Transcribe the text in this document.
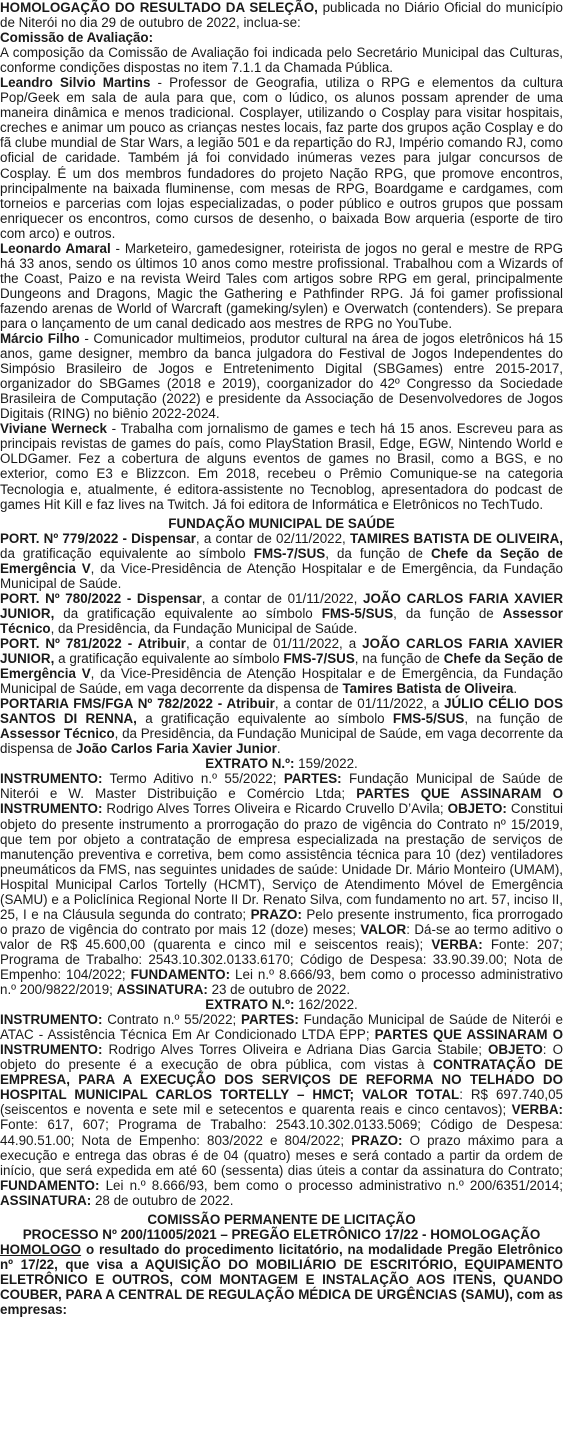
HOMOLOGAÇÃO DO RESULTADO DA SELEÇÃO, publicada no Diário Oficial do município de Niterói no dia 29 de outubro de 2022, inclua-se:

Comissão de Avaliação:

A composição da Comissão de Avaliação foi indicada pelo Secretário Municipal das Culturas, conforme condições dispostas no item 7.1.1 da Chamada Pública.

Leandro Silvio Martins - Professor de Geografia, utiliza o RPG e elementos da cultura Pop/Geek em sala de aula para que, com o lúdico, os alunos possam aprender de uma maneira dinâmica e menos tradicional. Cosplayer, utilizando o Cosplay para visitar hospitais, creches e animar um pouco as crianças nestes locais, faz parte dos grupos ação Cosplay e do fã clube mundial de Star Wars, a legião 501 e da repartição do RJ, Império comando RJ, como oficial de caridade. Também já foi convidado inúmeras vezes para julgar concursos de Cosplay. É um dos membros fundadores do projeto Nação RPG, que promove encontros, principalmente na baixada fluminense, com mesas de RPG, Boardgame e cardgames, com torneios e parcerias com lojas especializadas, o poder público e outros grupos que possam enriquecer os encontros, como cursos de desenho, o baixada Bow arqueria (esporte de tiro com arco) e outros.

Leonardo Amaral - Marketeiro, gamedesigner, roteirista de jogos no geral e mestre de RPG há 33 anos, sendo os últimos 10 anos como mestre profissional. Trabalhou com a Wizards of the Coast, Paizo e na revista Weird Tales com artigos sobre RPG em geral, principalmente Dungeons and Dragons, Magic the Gathering e Pathfinder RPG. Já foi gamer profissional fazendo arenas de World of Warcraft (gameking/sylen) e Overwatch (contenders). Se prepara para o lançamento de um canal dedicado aos mestres de RPG no YouTube.

Márcio Filho - Comunicador multimeios, produtor cultural na área de jogos eletrônicos há 15 anos, game designer, membro da banca julgadora do Festival de Jogos Independentes do Simpósio Brasileiro de Jogos e Entretenimento Digital (SBGames) entre 2015-2017, organizador do SBGames (2018 e 2019), coorganizador do 42º Congresso da Sociedade Brasileira de Computação (2022) e presidente da Associação de Desenvolvedores de Jogos Digitais (RING) no biênio 2022-2024.

Viviane Werneck - Trabalha com jornalismo de games e tech há 15 anos. Escreveu para as principais revistas de games do país, como PlayStation Brasil, Edge, EGW, Nintendo World e OLDGamer. Fez a cobertura de alguns eventos de games no Brasil, como a BGS, e no exterior, como E3 e Blizzcon. Em 2018, recebeu o Prêmio Comunique-se na categoria Tecnologia e, atualmente, é editora-assistente no Tecnoblog, apresentadora do podcast de games Hit Kill e faz lives na Twitch. Já foi editora de Informática e Eletrônicos no TechTudo.

FUNDAÇÃO MUNICIPAL DE SAÚDE

PORT. Nº 779/2022 - Dispensar, a contar de 02/11/2022, TAMIRES BATISTA DE OLIVEIRA, da gratificação equivalente ao símbolo FMS-7/SUS, da função de Chefe da Seção de Emergência V, da Vice-Presidência de Atenção Hospitalar e de Emergência, da Fundação Municipal de Saúde.

PORT. Nº 780/2022 - Dispensar, a contar de 01/11/2022, JOÃO CARLOS FARIA XAVIER JUNIOR, da gratificação equivalente ao símbolo FMS-5/SUS, da função de Assessor Técnico, da Presidência, da Fundação Municipal de Saúde.

PORT. Nº 781/2022 - Atribuir, a contar de 01/11/2022, a JOÃO CARLOS FARIA XAVIER JUNIOR, a gratificação equivalente ao símbolo FMS-7/SUS, na função de Chefe da Seção de Emergência V, da Vice-Presidência de Atenção Hospitalar e de Emergência, da Fundação Municipal de Saúde, em vaga decorrente da dispensa de Tamires Batista de Oliveira.

PORTARIA FMS/FGA Nº 782/2022 - Atribuir, a contar de 01/11/2022, a JÚLIO CÉLIO DOS SANTOS DI RENNA, a gratificação equivalente ao símbolo FMS-5/SUS, na função de Assessor Técnico, da Presidência, da Fundação Municipal de Saúde, em vaga decorrente da dispensa de João Carlos Faria Xavier Junior.

EXTRATO N.º: 159/2022.

INSTRUMENTO: Termo Aditivo n.º 55/2022; PARTES: Fundação Municipal de Saúde de Niterói e W. Master Distribuição e Comércio Ltda; PARTES QUE ASSINARAM O INSTRUMENTO: Rodrigo Alves Torres Oliveira e Ricardo Cruvello D’Avila; OBJETO: Constitui objeto do presente instrumento a prorrogação do prazo de vigência do Contrato nº 15/2019, que tem por objeto a contratação de empresa especializada na prestação de serviços de manutenção preventiva e corretiva, bem como assistência técnica para 10 (dez) ventiladores pneumáticos da FMS, nas seguintes unidades de saúde: Unidade Dr. Mário Monteiro (UMAM), Hospital Municipal Carlos Tortelly (HCMT), Serviço de Atendimento Móvel de Emergência (SAMU) e a Policlínica Regional Norte II Dr. Renato Silva, com fundamento no art. 57, inciso II, 25, I e na Cláusula segunda do contrato; PRAZO: Pelo presente instrumento, fica prorrogado o prazo de vigência do contrato por mais 12 (doze) meses; VALOR: Dá-se ao termo aditivo o valor de R$ 45.600,00 (quarenta e cinco mil e seiscentos reais); VERBA: Fonte: 207; Programa de Trabalho: 2543.10.302.0133.6170; Código de Despesa: 33.90.39.00; Nota de Empenho: 104/2022; FUNDAMENTO: Lei n.º 8.666/93, bem como o processo administrativo n.º 200/9822/2019; ASSINATURA: 23 de outubro de 2022.

EXTRATO N.º: 162/2022.

INSTRUMENTO: Contrato n.º 55/2022; PARTES: Fundação Municipal de Saúde de Niterói e ATAC - Assistência Técnica Em Ar Condicionado LTDA EPP; PARTES QUE ASSINARAM O INSTRUMENTO: Rodrigo Alves Torres Oliveira e Adriana Dias Garcia Stabile; OBJETO: O objeto do presente é a execução de obra pública, com vistas à CONTRATAÇÃO DE EMPRESA, PARA A EXECUÇÃO DOS SERVIÇOS DE REFORMA NO TELHADO DO HOSPITAL MUNICIPAL CARLOS TORTELLY – HMCT; VALOR TOTAL: R$ 697.740,05 (seiscentos e noventa e sete mil e setecentos e quarenta reais e cinco centavos); VERBA: Fonte: 617, 607; Programa de Trabalho: 2543.10.302.0133.5069; Código de Despesa: 44.90.51.00; Nota de Empenho: 803/2022 e 804/2022; PRAZO: O prazo máximo para a execução e entrega das obras é de 04 (quatro) meses e será contado a partir da ordem de início, que será expedida em até 60 (sessenta) dias úteis a contar da assinatura do Contrato; FUNDAMENTO: Lei n.º 8.666/93, bem como o processo administrativo n.º 200/6351/2014; ASSINATURA: 28 de outubro de 2022.

COMISSÃO PERMANENTE DE LICITAÇÃO

PROCESSO Nº 200/11005/2021 – PREGÃO ELETRÔNICO 17/22 - HOMOLOGAÇÃO

HOMOLOGO o resultado do procedimento licitatório, na modalidade Pregão Eletrônico nº 17/22, que visa a AQUISIÇÃO DO MOBILIÁRIO DE ESCRITÓRIO, EQUIPAMENTO ELETRÔNICO E OUTROS, COM MONTAGEM E INSTALAÇÃO AOS ITENS, QUANDO COUBER, PARA A CENTRAL DE REGULAÇÃO MÉDICA DE URGÊNCIAS (SAMU), com as empresas:
